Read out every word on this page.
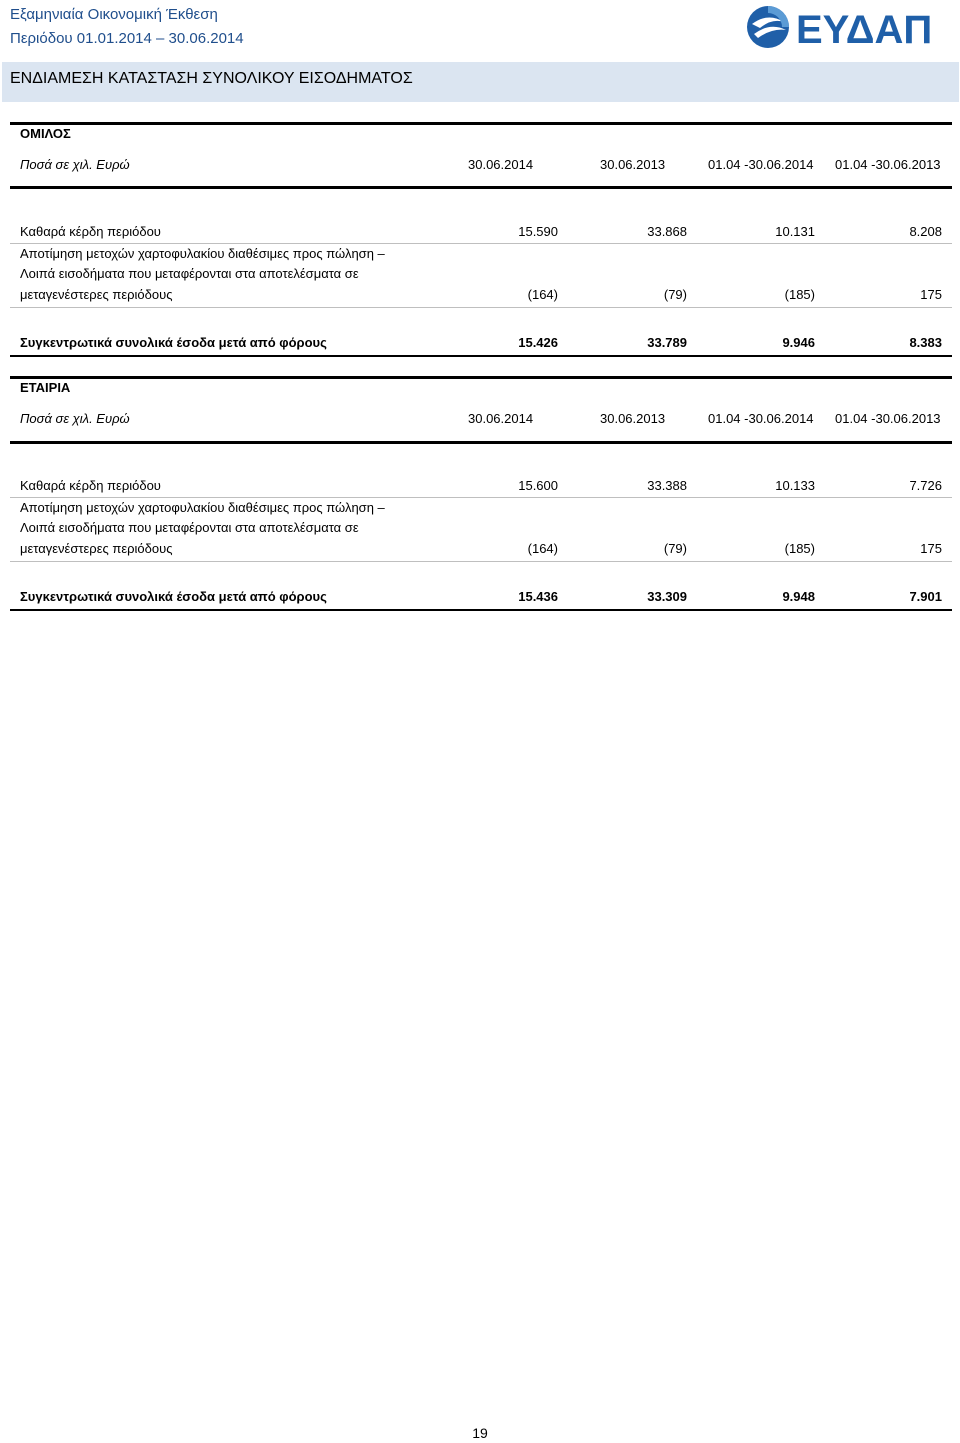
Εξαμηνιαία Οικονομική Έκθεση
Περιόδου 01.01.2014 – 30.06.2014	ΕΥΔΑΠ
ΕΝΔΙΑΜΕΣΗ ΚΑΤΑΣΤΑΣΗ ΣΥΝΟΛΙΚΟΥ ΕΙΣΟΔΗΜΑΤΟΣ
ΟΜΙΛΟΣ
Ποσά σε χιλ. Ευρώ	30.06.2014	30.06.2013	01.04 -30.06.2014	01.04 -30.06.2013
Καθαρά κέρδη περιόδου	15.590	33.868	10.131	8.208
Αποτίμηση μετοχών χαρτοφυλακίου διαθέσιμες προς πώληση –
Λοιπά εισοδήματα που μεταφέρονται στα αποτελέσματα σε
μεταγενέστερες περιόδους	(164)	(79)	(185)	175
Συγκεντρωτικά συνολικά έσοδα μετά από φόρους	15.426	33.789	9.946	8.383
ΕΤΑΙΡΙΑ
Ποσά σε χιλ. Ευρώ	30.06.2014	30.06.2013	01.04 -30.06.2014	01.04 -30.06.2013
Καθαρά κέρδη περιόδου	15.600	33.388	10.133	7.726
Αποτίμηση μετοχών χαρτοφυλακίου διαθέσιμες προς πώληση –
Λοιπά εισοδήματα που μεταφέρονται στα αποτελέσματα σε
μεταγενέστερες περιόδους	(164)	(79)	(185)	175
Συγκεντρωτικά συνολικά έσοδα μετά από φόρους	15.436	33.309	9.948	7.901
19
